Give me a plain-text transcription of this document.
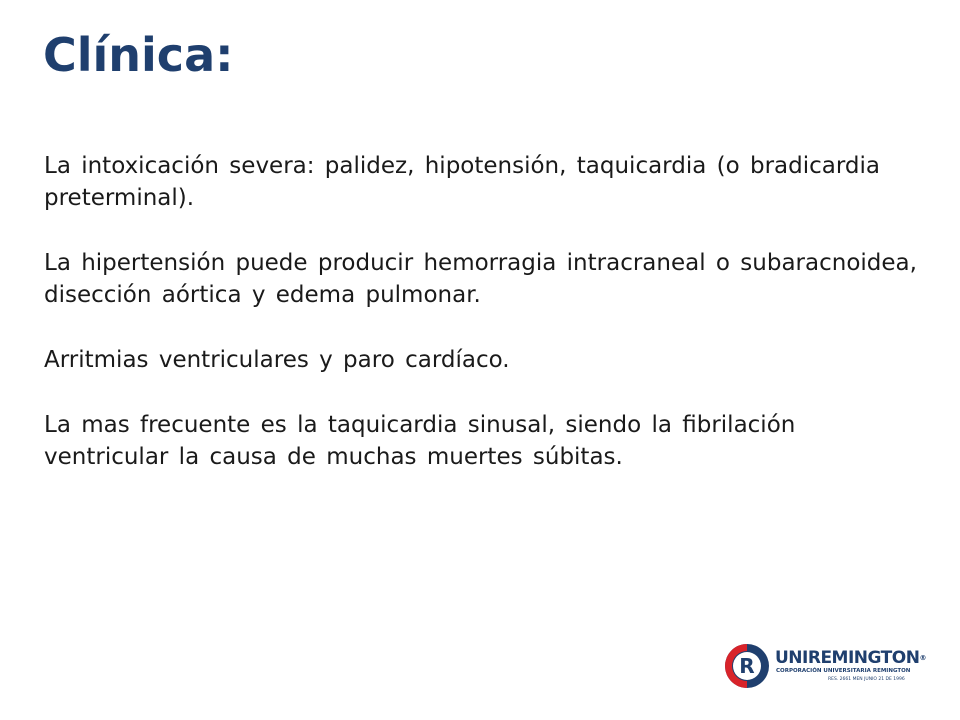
Clínica:

La intoxicación severa: palidez, hipotensión, taquicardia (o bradicardia preterminal).

La hipertensión puede producir hemorragia intracraneal o subaracnoidea, disección aórtica y edema pulmonar.

Arritmias ventriculares y paro cardíaco.

La mas frecuente es la taquicardia sinusal, siendo la fibrilación ventricular la causa de muchas muertes súbitas.

R UNIREMINGTON®
CORPORACIÓN UNIVERSITARIA REMINGTON
RES. 2661 MEN JUNIO 21 DE 1996
